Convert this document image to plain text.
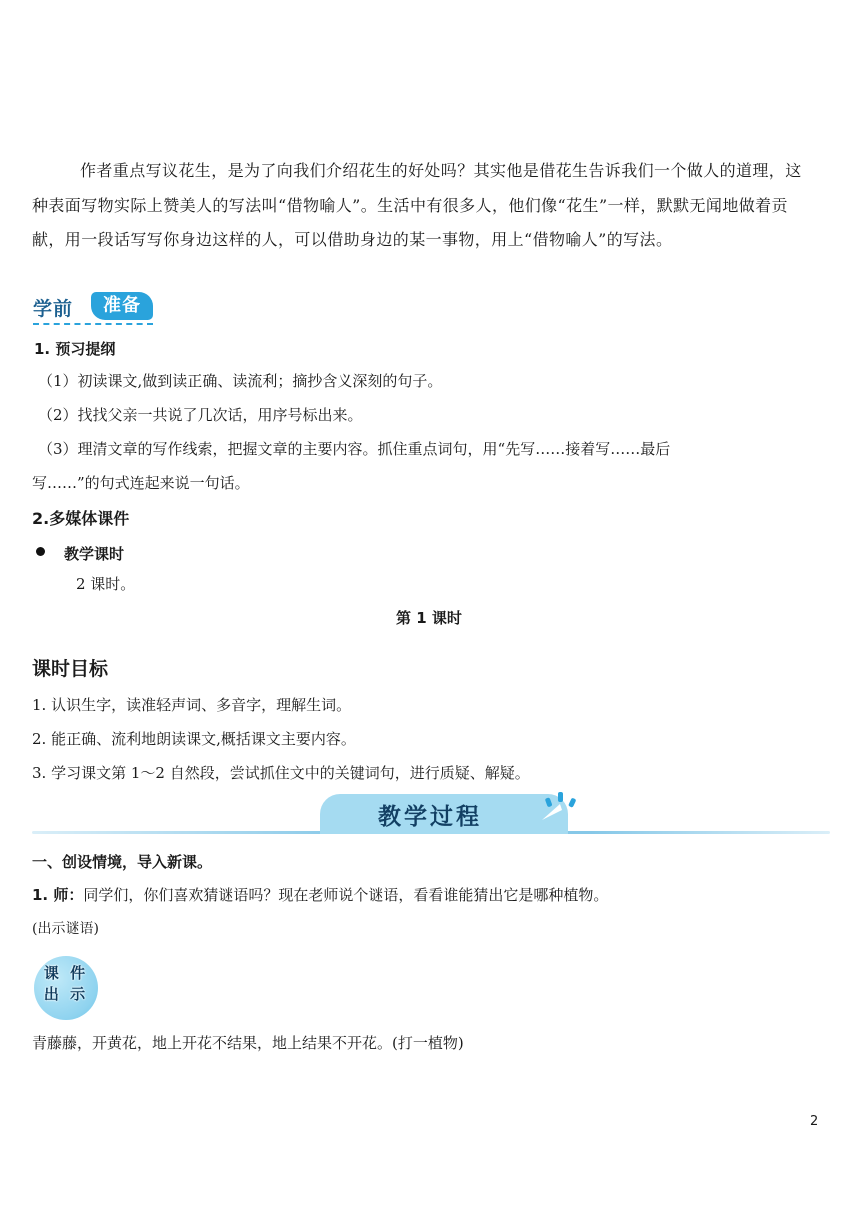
作者重点写议花生，是为了向我们介绍花生的好处吗？其实他是借花生告诉我们一个做人的道理，这种表面写物实际上赞美人的写法叫“借物喻人”。生活中有很多人，他们像“花生”一样，默默无闻地做着贡献，用一段话写写你身边这样的人，可以借助身边的某一事物，用上“借物喻人”的写法。

学前	准备
1. 预习提纲
（1）初读课文,做到读正确、读流利；摘抄含义深刻的句子。
（2）找找父亲一共说了几次话，用序号标出来。
（3）理清文章的写作线索，把握文章的主要内容。抓住重点词句，用“先写……接着写……最后
写……”的句式连起来说一句话。
2.多媒体课件
教学课时
2 课时。
第 1 课时
课时目标
1. 认识生字，读准轻声词、多音字，理解生词。
2. 能正确、流利地朗读课文,概括课文主要内容。
3. 学习课文第 1～2 自然段，尝试抓住文中的关键词句，进行质疑、解疑。
教学过程
一、创设情境，导入新课。
1. 师：同学们，你们喜欢猜谜语吗？现在老师说个谜语，看看谁能猜出它是哪种植物。
(出示谜语)
课 件
出 示
青藤藤，开黄花，地上开花不结果，地上结果不开花。(打一植物)
2
